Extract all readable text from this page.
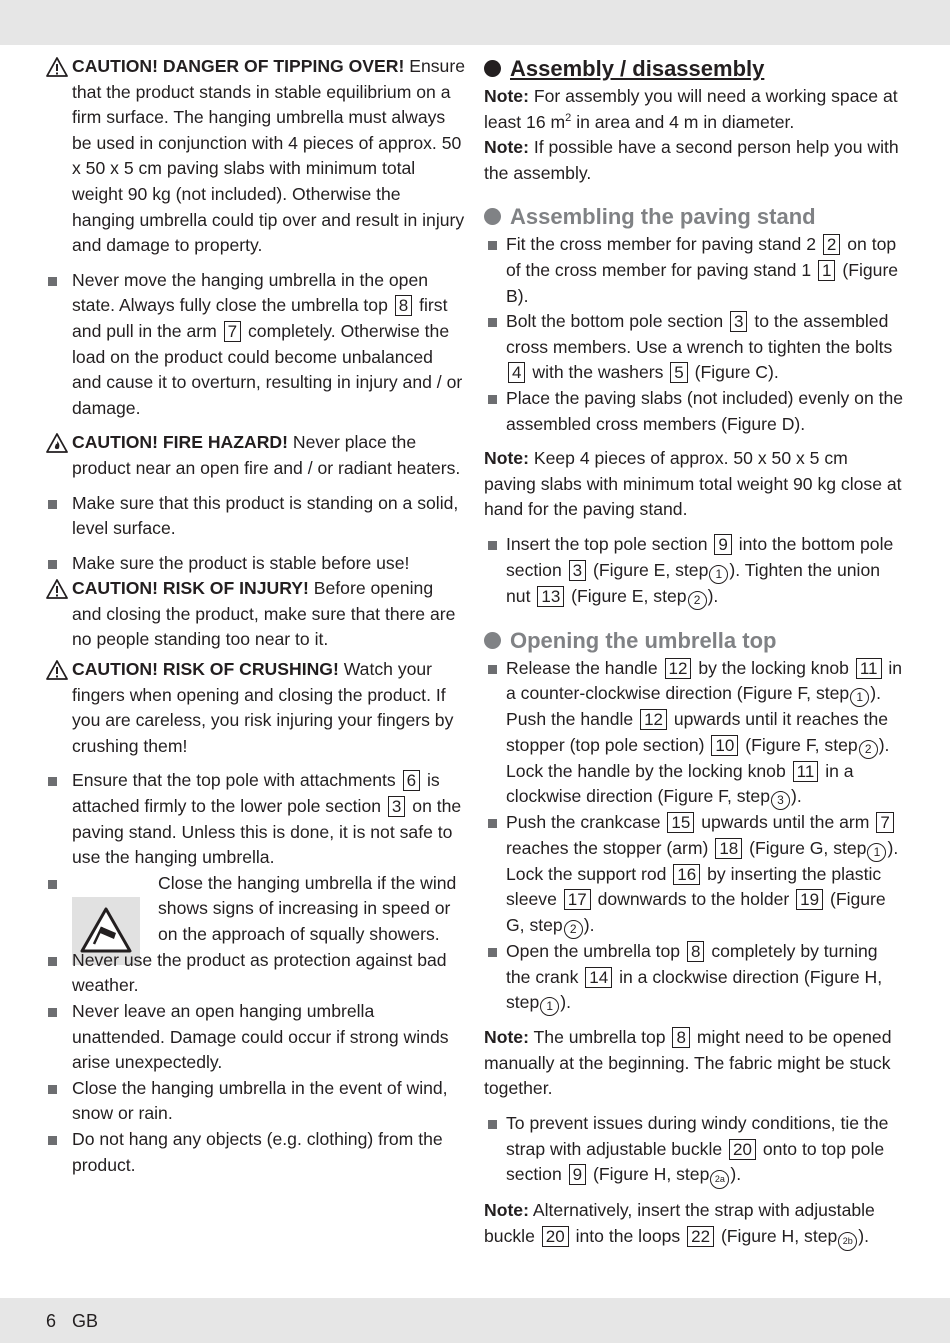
CAUTION! DANGER OF TIPPING OVER! Ensure that the product stands in stable equilibrium on a firm surface. The hanging umbrella must always be used in conjunction with 4 pieces of approx. 50 x 50 x 5 cm paving slabs with minimum total weight 90 kg (not included). Otherwise the hanging umbrella could tip over and result in injury and damage to property.
Never move the hanging umbrella in the open state. Always fully close the umbrella top 8 first and pull in the arm 7 completely. Otherwise the load on the product could become unbalanced and cause it to overturn, resulting in injury and / or damage.
CAUTION! FIRE HAZARD! Never place the product near an open fire and / or radiant heaters.
Make sure that this product is standing on a solid, level surface.
Make sure the product is stable before use!
CAUTION! RISK OF INJURY! Before opening and closing the product, make sure that there are no people standing too near to it.
CAUTION! RISK OF CRUSHING! Watch your fingers when opening and closing the product. If you are careless, you risk injuring your fingers by crushing them!
Ensure that the top pole with attachments 6 is attached firmly to the lower pole section 3 on the paving stand. Unless this is done, it is not safe to use the hanging umbrella.
Close the hanging umbrella if the wind shows signs of increasing in speed or on the approach of squally showers.
Never use the product as protection against bad weather.
Never leave an open hanging umbrella unattended. Damage could occur if strong winds arise unexpectedly.
Close the hanging umbrella in the event of wind, snow or rain.
Do not hang any objects (e.g. clothing) from the product.
Assembly / disassembly

Note: For assembly you will need a working space at least 16 $m^2$ in area and 4 m in diameter.

Note: If possible have a second person help you with the assembly.

Assembling the paving stand
Fit the cross member for paving stand 2 2 on top of the cross member for paving stand 1 1 (Figure B).
Bolt the bottom pole section 3 to the assembled cross members. Use a wrench to tighten the bolts 4 with the washers 5 (Figure C).
Place the paving slabs (not included) evenly on the assembled cross members (Figure D).

Note: Keep 4 pieces of approx. 50 x 50 x 5 cm paving slabs with minimum total weight 90 kg close at hand for the paving stand.

Insert the top pole section 9 into the bottom pole section 3 (Figure E, step 1 ). Tighten the union nut 13 (Figure E, step 2 ).
Opening the umbrella top
Release the handle 12 by the locking knob 11 in a counter-clockwise direction (Figure F, step 1 ). Push the handle 12 upwards until it reaches the stopper (top pole section) 10 (Figure F, step 2 ). Lock the handle by the locking knob 11 in a clockwise direction (Figure F, step 3 ).
Push the crankcase 15 upwards until the arm 7 reaches the stopper (arm) 18 (Figure G, step 1 ). Lock the support rod 16 by inserting the plastic sleeve 17 downwards to the holder 19 (Figure G, step 2 ).
Open the umbrella top 8 completely by turning the crank 14 in a clockwise direction (Figure H, step 1 ).

Note: The umbrella top 8 might need to be opened manually at the beginning. The fabric might be stuck together.

To prevent issues during windy conditions, tie the strap with adjustable buckle 20 onto to top pole section 9 (Figure H, step 2a ).

Note: Alternatively, insert the strap with adjustable buckle 20 into the loops 22 (Figure H, step 2b ).

6 GB
